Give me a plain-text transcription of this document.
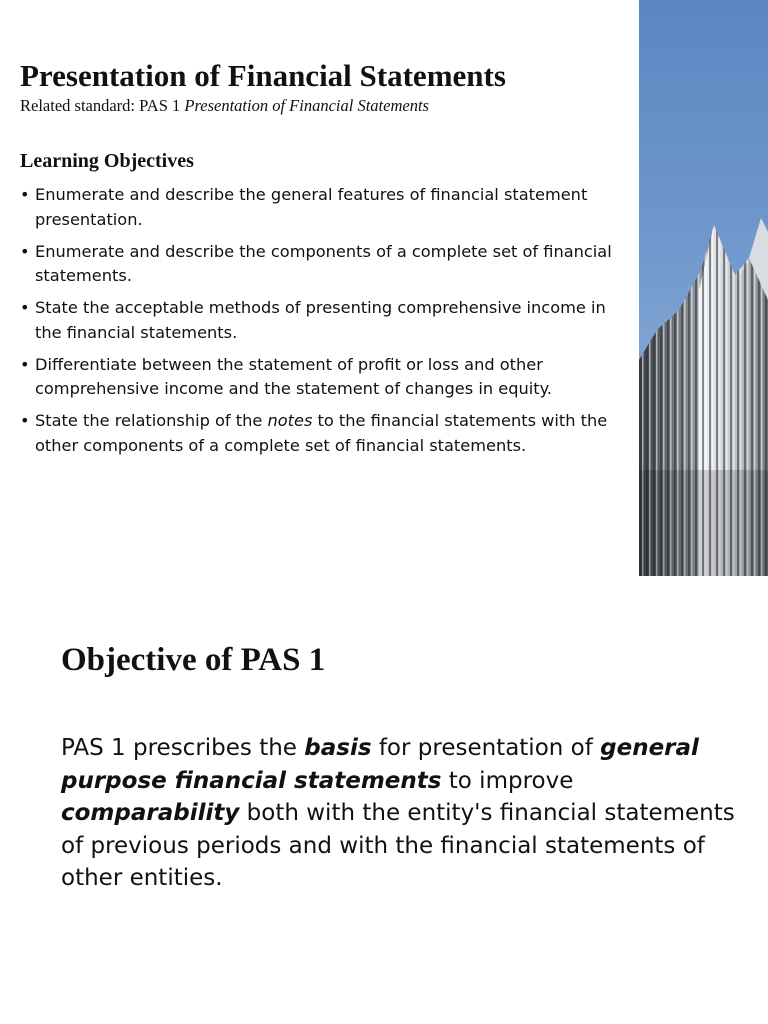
Presentation of Financial Statements
Related standard: PAS 1 Presentation of Financial Statements
Learning Objectives
• Enumerate and describe the general features of financial statement presentation.
• Enumerate and describe the components of a complete set of financial statements.
• State the acceptable methods of presenting comprehensive income in the financial statements.
• Differentiate between the statement of profit or loss and other comprehensive income and the statement of changes in equity.
• State the relationship of the notes to the financial statements with the other components of a complete set of financial statements.
Objective of PAS 1

PAS 1 prescribes the basis for presentation of general purpose financial statements to improve comparability both with the entity's financial statements of previous periods and with the financial statements of other entities.
